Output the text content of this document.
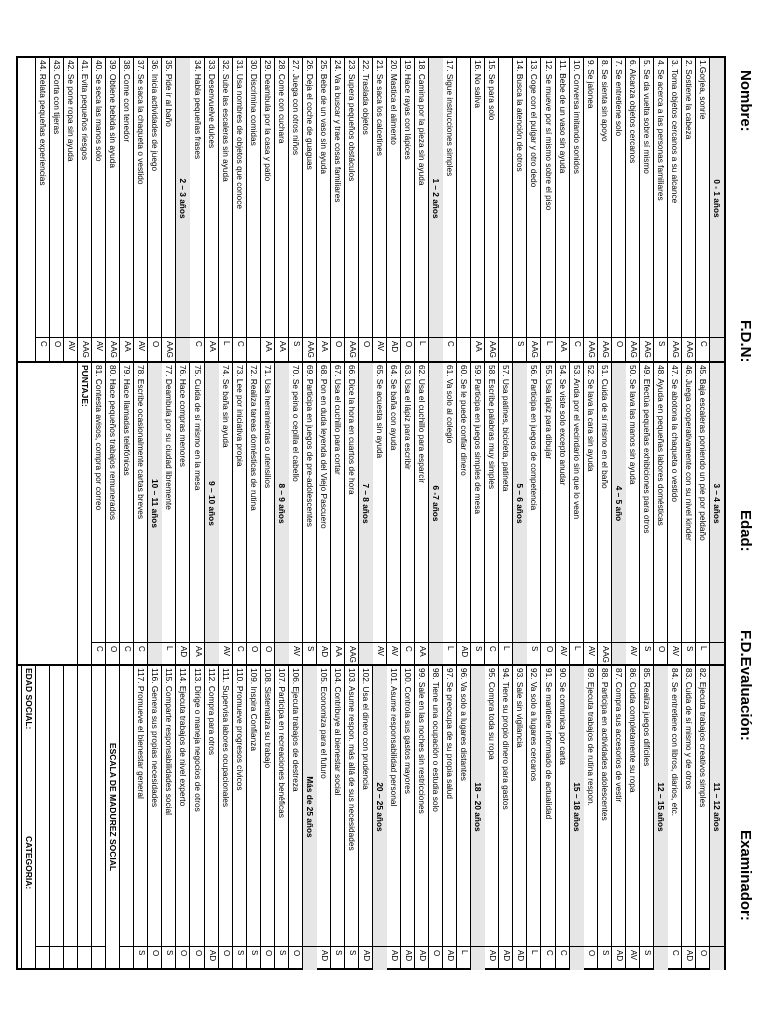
Nombre:
F.D.N:
Edad:
F.D.Evaluación:
Examinador:
0 - 1 años
1.Gorjea, sonríe
C
2. Sostiene la cabeza
AAG
3. Toma objetos cercanos a su alcance
AAG
4. Se acerca a las personas familiares
S
5. Se da vuelta sobre sí mismo
AAG
6. Alcanza objetos cercanos
AAG
7. Se entretiene solo
O
8. Se sienta sin apoyo
AAG
9. Se jalonea
AAG
10. Conversa imitando sonidos
C
11. Bebe de un vaso sin ayuda
AA
12. Se mueve por sí mismo sobre el piso
L
13. Coge con el pulgar y otro dedo
AAG
14. Busca la atención de otros
S
15. Se para solo
AAG
16. No saliva
AA
17. Sigue instrucciones simples
C
1 – 2 años
18. Camina por la pieza sin ayuda
L
19. Hace rayas con lápices
O
20. Mastica el alimento
AD
21. Se saca los calcetines
AV
22. Traslada objetos
O
23. Supera pequeños obstáculos
AAG
24. Va a buscar y trae cosas familiares
O
25. Bebe de un vaso sin ayuda
AA
26. Deja el coche de guaguas
AAG
27. Juega con otros niños
S
28. Come con cuchara
AA
29. Deambula por la casa y patio
AA
30. Discrimina comidas
31. Usa nombres de objetos que conoce
C
32. Sube las escaleras sin ayuda
L
33. Desenvuelve dulces
AA
34. Habla pequeñas frases
C
2 – 3 años
35. Pide ir al baño
AAG
36. Inicia actividades de juego
O
37. Se saca la chaqueta o vestido
AV
38. Come con tenedor
AA
39. Obtiene bebida sin ayuda
AAG
40. Se seca las manos solo
AV
41. Evita pequeños riesgos
AAG
42. Se pone ropa sin ayuda
AV
43. Corta con tijeras
O
44. Relata pequeñas experiencias
C
3 – 4 años
45. Baja escaleras poniendo un pie por peldaño
L
46. Juega cooperativamente con su nivel kinder
S
47. Se abotona la chaqueta o vestido
AV
48. Ayuda en pequeñas labores domésticas
O
49. Efectúa pequeñas exhibiciones para otros
S
50. Se lava las manos sin ayuda
AV
4 – 5 año
51. Cuida de sí mismo en el baño
AAG
52. Se lava la cara sin ayuda
AV
53. Anda por el vecindario sin que lo vean
L
54. Se viste solo excepto anudar
AV
55. Usa lápiz para dibujar
O
56. Participa en juegos de competencia
S
5 – 6 años
57. Usa patines, bicicleta, patineta
L
58. Escribe palabras muy simples
C
59. Participa en juegos simples de mesa
S
60. Se le puede confiar dinero
AD
61. Va solo al colegio
L
6 -7 años
62. Usa el cuchillo para esparcir
AA
63. Usa el lápiz para escribir
C
64. Se baña con ayuda
AV
65. Se acuesta sin ayuda
AV
7 – 8 años
66. Dice la hora en cuartos de hora
AAG
67. Usa el cuchillo para cortar
AA
68. Pon en duda leyenda del Viejo Pascuero
AD
69. Participa en juegos de pre-adolescentes
S
70. Se peina o cepilla el cabello
AV
8 – 9 años
71. Usa herramientas o utensilios
O
72. Realiza tareas domésticas de rutina
O
73. Lee por iniciativa propia
C
74. Se baña sin ayuda
AV
9 – 10 años
75. Cuida de sí mismo en la mesa
AA
76. Hace compras menores
AD
77. Deambula por su ciudad libremente
L
10 – 11 años
78. Escribe ocasionalmente cartas breves
C
79. Hace llamadas telefónicas
C
80. Hace pequeños trabajos remunerados
O
81. Contesta avisos, compra por correo
C
PUNTAJE:
11 – 12 años
82. Ejecuta trabajos creativos simples
O
83. Cuida de sí mismo y de otros
AD
84. Se entretiene con libros, diarios, etc.
C
12 – 15 años
85. Realiza juegos difíciles
S
86. Cuida completamente su ropa
AV
87. Compra sus accesorios de vestir
AD
88. Participa en actividades adolescentes
S
89. Ejecuta trabajos de rutina respon.
O
15 – 18 años
90. Se comunica por carta
C
91. Se mantiene informado de actualidad
C
92. Va solo a lugares cercanos
L
93. Sale sin vigilancia
AD
94. Tiene su propio dinero para gastos
AD
95. Compra toda su ropa
AD
18 – 20 años
96. Va solo a lugares distantes
L
97. Se preocupa de su propia salud
AD
98. Tiene una ocupación o estudia solo
O
99. Sale en las noches sin restricciones
AD
100. Controla sus gastos mayores
AD
101. Asume responsabilidad personal
AD
20 – 25 años
102. Usa el dinero con prudencia
AD
103. Asume respon. más allá de sus necesidades
S
104. Contribuye al bienestar social
S
105. Economiza para el futuro
AD
Más de 25 años
106. Ejecuta trabajos de destreza
O
107. Participa en recreaciones benéficas
S
108. Sistematiza su trabajo
O
109. Inspira Confianza
S
110. Promueve progresos cívicos
S
111. Supervisa labores ocupacionales
O
112. Compra para otros
AD
113. Dirige o maneja negocios de otros
O
114. Ejecuta trabajos de nivel experto
O
115. Comparte responsabilidades social
S
116. Genera sus propias necesidades
O
117. Promueve el bienestar general
S
ESCALA DE MADUREZ SOCIAL
EDAD SOCIAL:
CATEGORIA:
